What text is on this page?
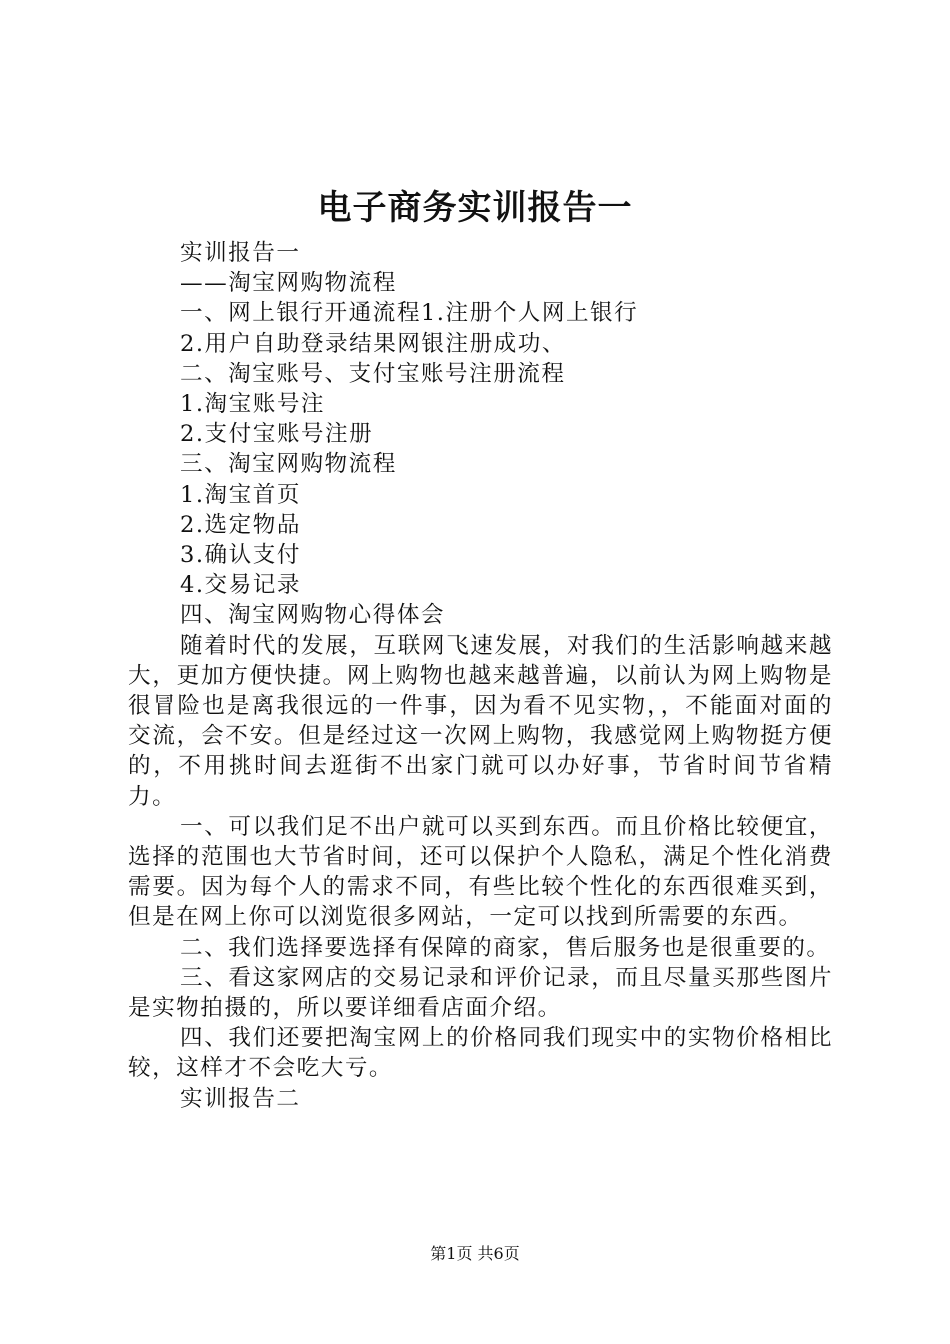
电子商务实训报告一

实训报告一

——淘宝网购物流程

一、网上银行开通流程1.注册个人网上银行

2.用户自助登录结果网银注册成功、

二、淘宝账号、支付宝账号注册流程

1.淘宝账号注

2.支付宝账号注册

三、淘宝网购物流程

1.淘宝首页

2.选定物品

3.确认支付

4.交易记录

四、淘宝网购物心得体会

随着时代的发展，互联网飞速发展，对我们的生活影响越来越大，更加方便快捷。网上购物也越来越普遍，以前认为网上购物是很冒险也是离我很远的一件事，因为看不见实物，，不能面对面的交流，会不安。但是经过这一次网上购物，我感觉网上购物挺方便的，不用挑时间去逛街不出家门就可以办好事，节省时间节省精力。

一、可以我们足不出户就可以买到东西。而且价格比较便宜，选择的范围也大节省时间，还可以保护个人隐私，满足个性化消费需要。因为每个人的需求不同，有些比较个性化的东西很难买到，但是在网上你可以浏览很多网站，一定可以找到所需要的东西。

二、我们选择要选择有保障的商家，售后服务也是很重要的。

三、看这家网店的交易记录和评价记录，而且尽量买那些图片是实物拍摄的，所以要详细看店面介绍。

四、我们还要把淘宝网上的价格同我们现实中的实物价格相比较，这样才不会吃大亏。

实训报告二

第1页 共6页
